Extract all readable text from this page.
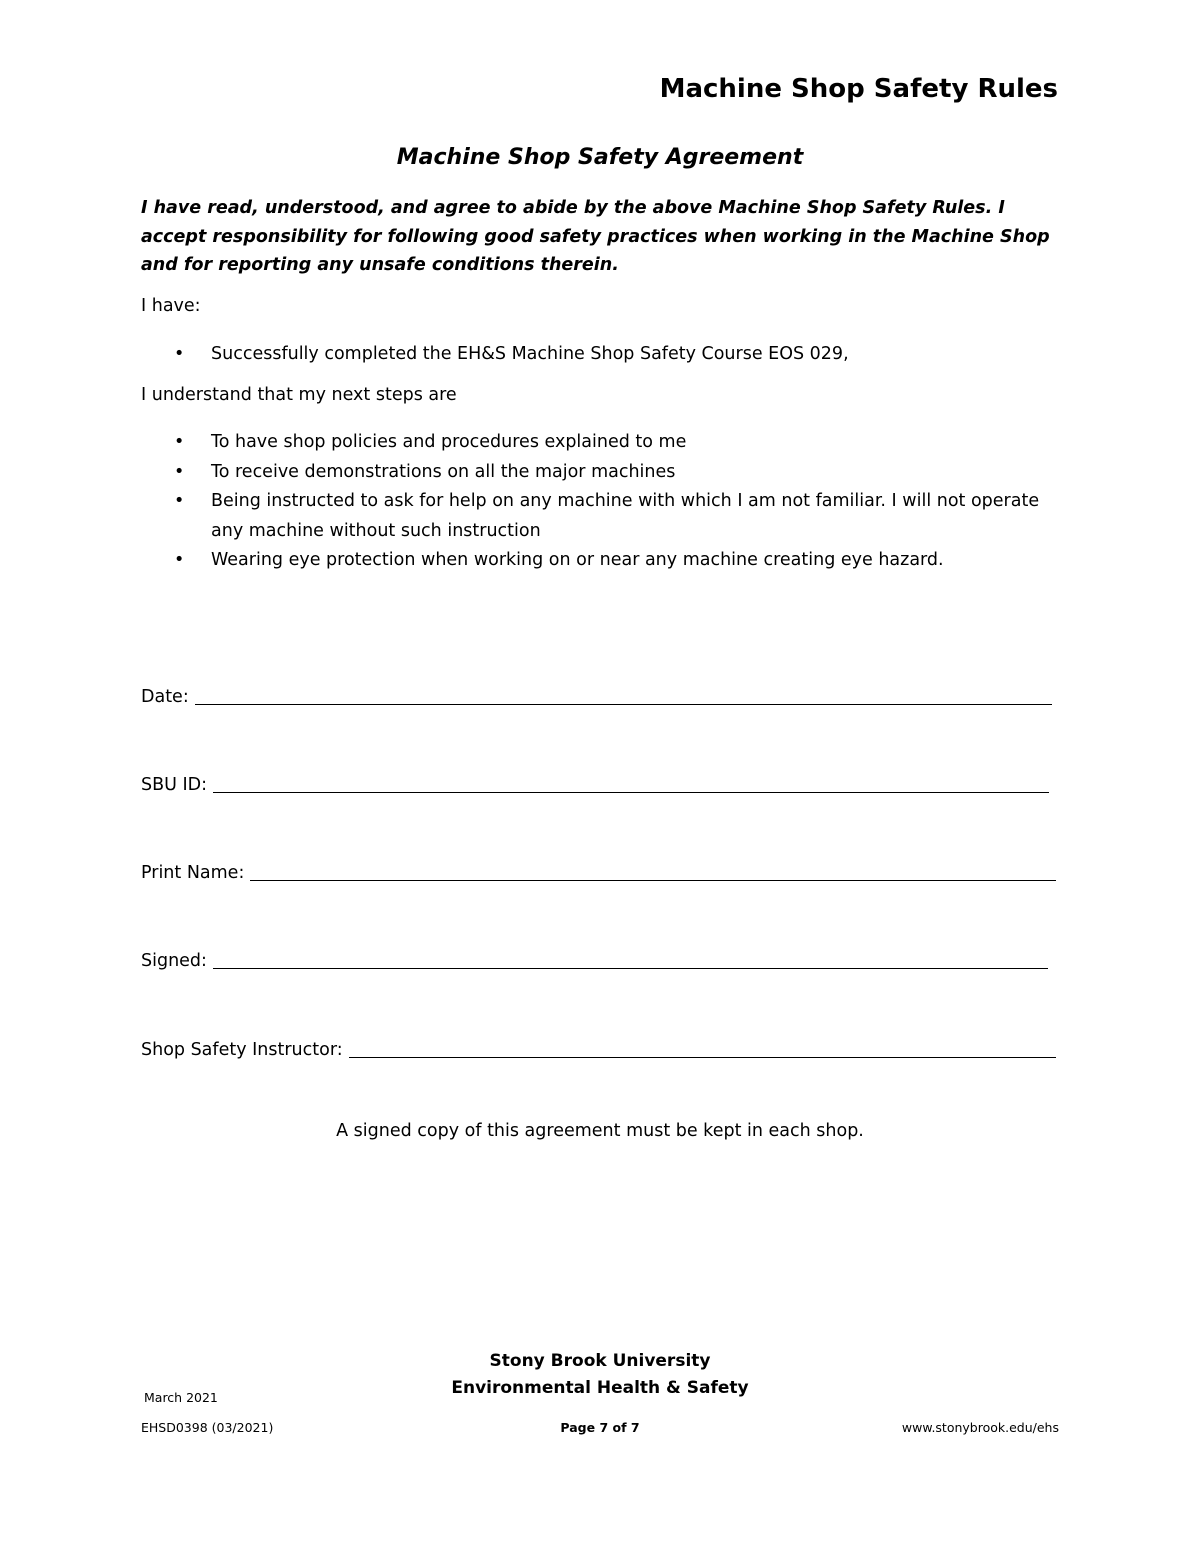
Machine Shop Safety Rules
Machine Shop Safety Agreement

I have read, understood, and agree to abide by the above Machine Shop Safety Rules. I accept responsibility for following good safety practices when working in the Machine Shop and for reporting any unsafe conditions therein.

I have:

• Successfully completed the EH&S Machine Shop Safety Course EOS 029,

I understand that my next steps are

• To have shop policies and procedures explained to me
• To receive demonstrations on all the major machines
• Being instructed to ask for help on any machine with which I am not familiar. I will not operate any machine without such instruction
• Wearing eye protection when working on or near any machine creating eye hazard.
Date:
SBU ID:
Print Name:
Signed:
Shop Safety Instructor:
A signed copy of this agreement must be kept in each shop.
Stony Brook University
Environmental Health & Safety
March 2021
EHSD0398 (03/2021)	Page 7 of 7	www.stonybrook.edu/ehs
